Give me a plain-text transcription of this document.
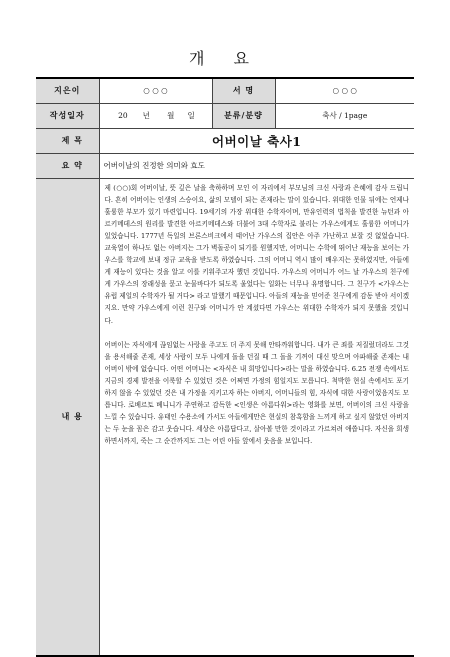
개 요
지은이	○ ○ ○	서 명	○ ○ ○
작성일자	20 년 월 일	분류/분량	축사 / 1page
제 목	어버이날 축사1		
요 약	어버이날의 진정한 의미와 효도		
내 용	제 (○○)회 어버이날, 뜻 깊은 날을 축하하며 모인 이 자리에서 부모님의 크신 사랑과 은혜에 감사 드립니다. 흔히 어버이는 인생의 스승이요, 삶의 모델이 되는 존재라는 말이 있습니다. 위대한 인물 뒤에는 언제나 훌륭한 부모가 있기 마련입니다. 19세기의 가장 위대한 수학자이며, 만유인력의 법칙을 발견한 뉴턴과 아르키메데스의 원리를 발견한 아르키메데스와 더불어 3대 수학자로 불리는 가우스에게도 훌륭한 어머니가 있었습니다. 1777년 독일의 브론스비크에서 태어난 가우스의 집안은 아주 가난하고 보잘 것 없었습니다. 교육열이 하나도 없는 아버지는 그가 벽돌공이 되기를 원했지만, 어머니는 수학에 뛰어난 재능을 보이는 가우스를 학교에 보내 정규 교육을 받도록 하였습니다. 그의 어머니 역시 많이 배우지는 못하였지만, 아들에게 재능이 있다는 것을 알고 이를 키워주고자 했던 것입니다. 가우스의 어머니가 어느 날 가우스의 친구에게 가우스의 장래성을 묻고 눈물바다가 되도록 울었다는 일화는 너무나 유명합니다. 그 친구가 <가우스는 유럽 제일의 수학자가 될 거다> 라고 말했기 때문입니다. 아들의 재능을 믿어준 친구에게 감동 받아 서이겠지요. 만약 가우스에게 이런 친구와 어머니가 안 계셨다면 가우스는 위대한 수학자가 되지 못했을 것입니다.

어버이는 자식에게 끊임없는 사랑을 주고도 더 주지 못해 안타까워합니다. 내가 큰 죄를 저질렀더라도 그것을 용서해줄 존재, 세상 사람이 모두 나에게 돌을 던질 때 그 돌을 기꺼이 대신 맞으며 아파해줄 존재는 내 어버이 밖에 없습니다. 어떤 어머니는 <자식은 내 희망입니다>라는 말을 하였습니다. 6.25 전쟁 속에서도 지금의 경제 발전을 이룩할 수 있었던 것은 어쩌면 가정의 힘일지도 모릅니다. 척박한 현실 속에서도 포기하지 않을 수 있었던 것은 내 가정을 지키고자 하는 아버지, 어머니들의 힘, 자식에 대한 사랑이었음지도 모릅니다. 로베르토 베니니가 주연하고 감독한 <인생은 아름다워>라는 영화를 보면, 어버이의 크신 사랑을 느낄 수 있습니다. 유태인 수용소에 가서도 아들에게만은 현실의 참혹함을 느끼게 하고 싶지 않았던 아버지는 두 눈을 꼼은 감고 웃습니다. 세상은 아름답다고, 살아볼 만한 것이라고 가르쳐려 애씁니다. 자신을 희생하면서까지, 죽는 그 순간까지도 그는 어린 아들 앞에서 웃음을 보입니다.		
